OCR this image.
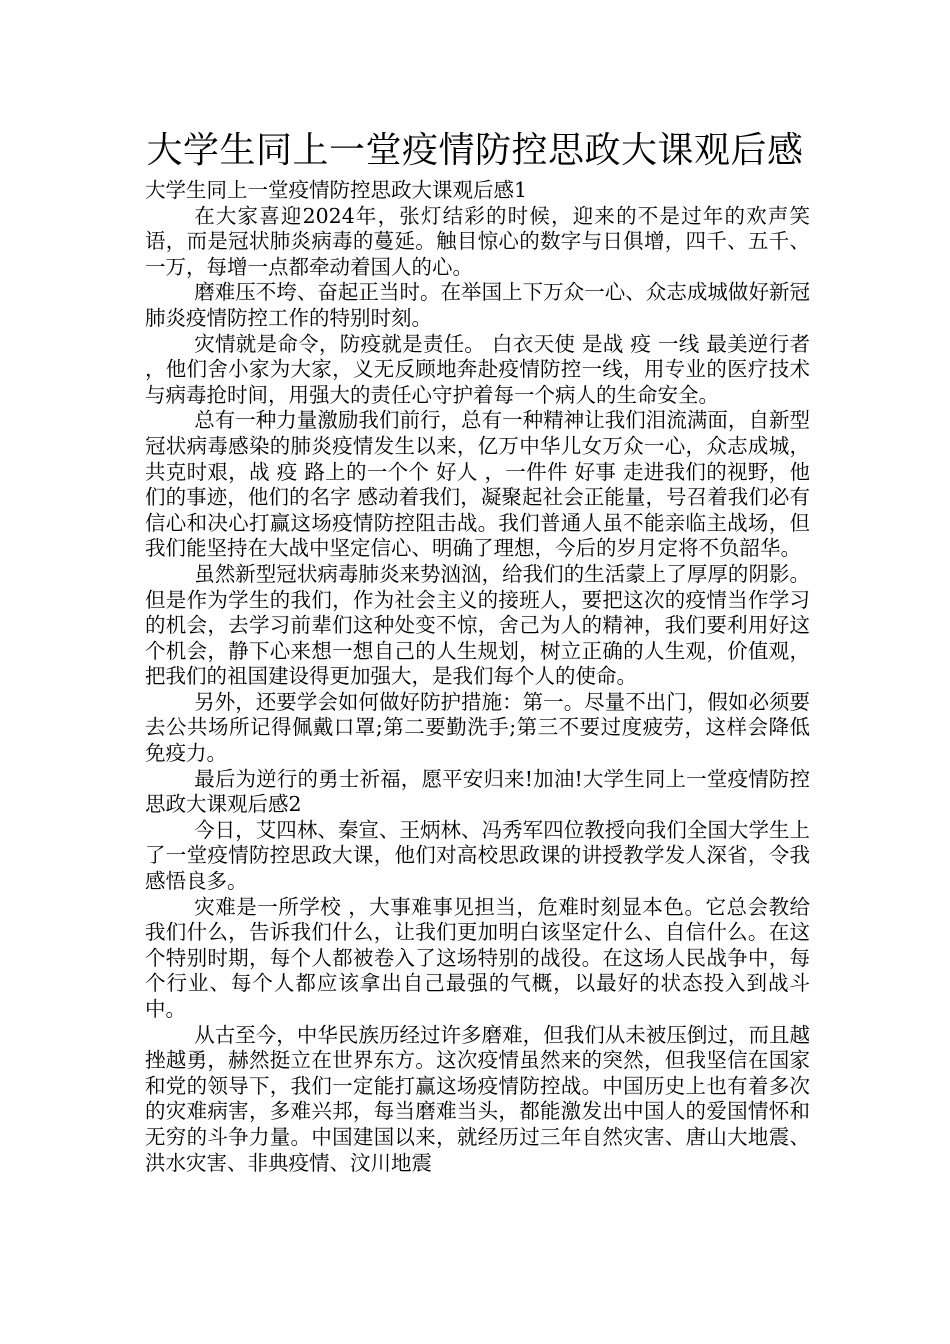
大学生同上一堂疫情防控思政大课观后感

大学生同上一堂疫情防控思政大课观后感1

在大家喜迎2024年，张灯结彩的时候，迎来的不是过年的欢声笑语，而是冠状肺炎病毒的蔓延。触目惊心的数字与日俱增，四千、五千、一万，每增一点都牵动着国人的心。

磨难压不垮、奋起正当时。在举国上下万众一心、众志成城做好新冠肺炎疫情防控工作的特别时刻。

灾情就是命令，防疫就是责任。 白衣天使 是战 疫 一线 最美逆行者 ，他们舍小家为大家，义无反顾地奔赴疫情防控一线，用专业的医疗技术与病毒抢时间，用强大的责任心守护着每一个病人的生命安全。

总有一种力量激励我们前行，总有一种精神让我们泪流满面，自新型冠状病毒感染的肺炎疫情发生以来，亿万中华儿女万众一心，众志成城，共克时艰，战 疫 路上的一个个 好人 ，一件件 好事 走进我们的视野，他们的事迹，他们的名字 感动着我们，凝聚起社会正能量，号召着我们必有信心和决心打赢这场疫情防控阻击战。我们普通人虽不能亲临主战场，但我们能坚持在大战中坚定信心、明确了理想，今后的岁月定将不负韶华。

虽然新型冠状病毒肺炎来势汹汹，给我们的生活蒙上了厚厚的阴影。但是作为学生的我们，作为社会主义的接班人，要把这次的疫情当作学习的机会，去学习前辈们这种处变不惊，舍己为人的精神，我们要利用好这个机会，静下心来想一想自己的人生规划，树立正确的人生观，价值观，把我们的祖国建设得更加强大，是我们每个人的使命。

另外，还要学会如何做好防护措施：第一。尽量不出门，假如必须要去公共场所记得佩戴口罩;第二要勤洗手;第三不要过度疲劳，这样会降低免疫力。

最后为逆行的勇士祈福，愿平安归来!加油!大学生同上一堂疫情防控思政大课观后感2

今日，艾四林、秦宣、王炳林、冯秀军四位教授向我们全国大学生上了一堂疫情防控思政大课，他们对高校思政课的讲授教学发人深省，令我感悟良多。

灾难是一所学校 ，大事难事见担当，危难时刻显本色。它总会教给我们什么，告诉我们什么，让我们更加明白该坚定什么、自信什么。在这个特别时期，每个人都被卷入了这场特别的战役。在这场人民战争中，每个行业、每个人都应该拿出自己最强的气概，以最好的状态投入到战斗中。

从古至今，中华民族历经过许多磨难，但我们从未被压倒过，而且越挫越勇，赫然挺立在世界东方。这次疫情虽然来的突然，但我坚信在国家和党的领导下，我们一定能打赢这场疫情防控战。中国历史上也有着多次的灾难病害，多难兴邦，每当磨难当头，都能激发出中国人的爱国情怀和无穷的斗争力量。中国建国以来，就经历过三年自然灾害、唐山大地震、洪水灾害、非典疫情、汶川地震
